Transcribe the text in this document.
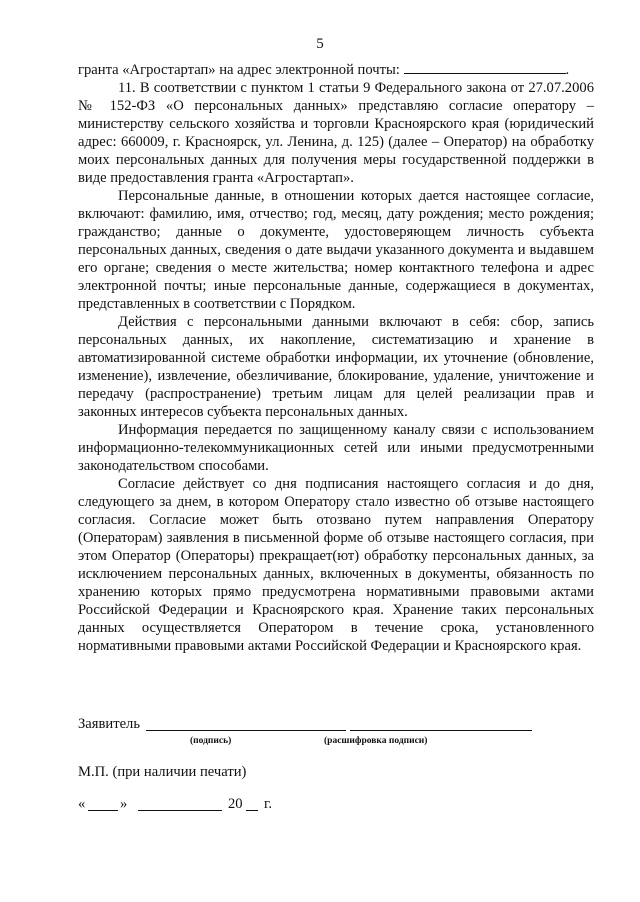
5

гранта «Агростартап» на адрес электронной почты:	.

11. В соответствии с пунктом 1 статьи 9 Федерального закона от 27.07.2006 № 152-ФЗ «О персональных данных» представляю согласие оператору – министерству сельского хозяйства и торговли Красноярского края (юридический адрес: 660009, г. Красноярск, ул. Ленина, д. 125) (далее – Оператор) на обработку моих персональных данных для получения меры государственной поддержки в виде предоставления гранта «Агростартап».

Персональные данные, в отношении которых дается настоящее согласие, включают: фамилию, имя, отчество; год, месяц, дату рождения; место рождения; гражданство; данные о документе, удостоверяющем личность субъекта персональных данных, сведения о дате выдачи указанного документа и выдавшем его органе; сведения о месте жительства; номер контактного телефона и адрес электронной почты; иные персональные данные, содержащиеся в документах, представленных в соответствии с Порядком.

Действия с персональными данными включают в себя: сбор, запись персональных данных, их накопление, систематизацию и хранение в автоматизированной системе обработки информации, их уточнение (обновление, изменение), извлечение, обезличивание, блокирование, удаление, уничтожение и передачу (распространение) третьим лицам для целей реализации прав и законных интересов субъекта персональных данных.

Информация передается по защищенному каналу связи с использованием информационно-телекоммуникационных сетей или иными предусмотренными законодательством способами.

Согласие действует со дня подписания настоящего согласия и до дня, следующего за днем, в котором Оператору стало известно об отзыве настоящего согласия. Согласие может быть отозвано путем направления Оператору (Операторам) заявления в письменной форме об отзыве настоящего согласия, при этом Оператор (Операторы) прекращает(ют) обработку персональных данных, за исключением персональных данных, включенных в документы, обязанность по хранению которых прямо предусмотрена нормативными правовыми актами Российской Федерации и Красноярского края. Хранение таких персональных данных осуществляется Оператором в течение срока, установленного нормативными правовыми актами Российской Федерации и Красноярского края.

Заявитель
(подпись)	(расшифровка подписи)
М.П. (при наличии печати)
« »	20 г.
